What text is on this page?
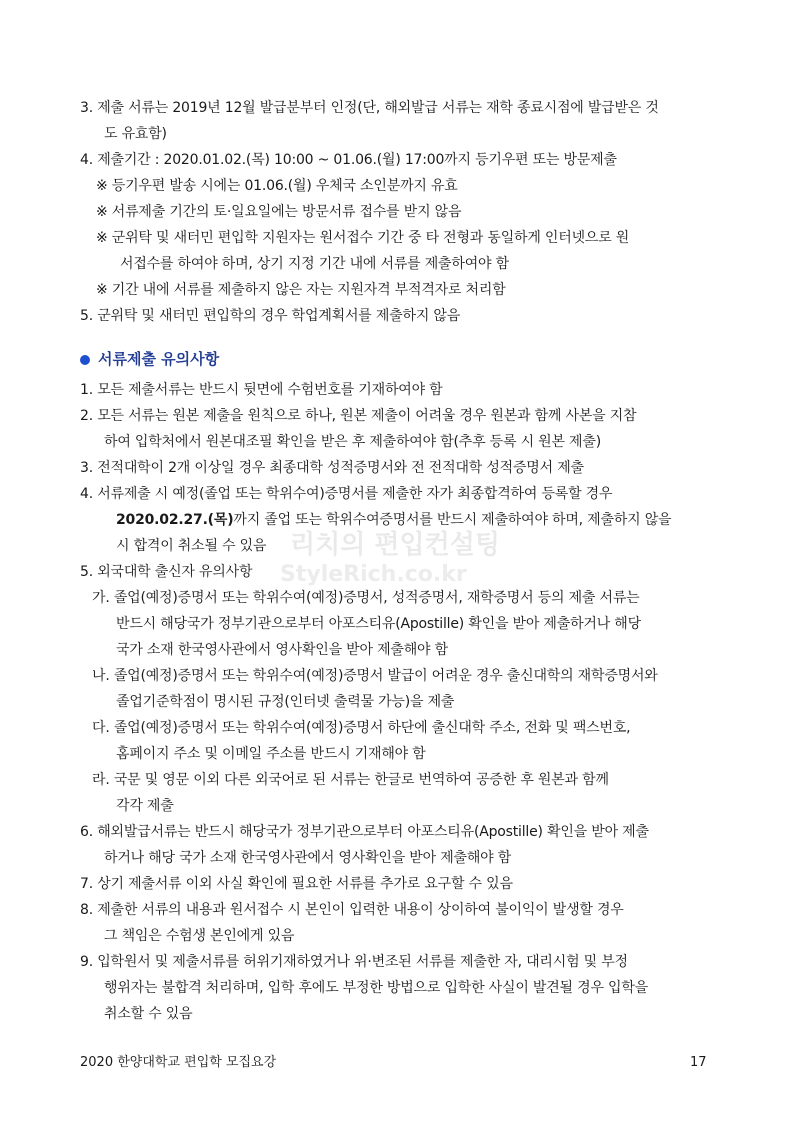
3. 제출 서류는 2019년 12월 발급분부터 인정(단, 해외발급 서류는 재학 종료시점에 발급받은 것
도 유효함)
4. 제출기간 : 2020.01.02.(목) 10:00 ~ 01.06.(월) 17:00까지 등기우편 또는 방문제출
※ 등기우편 발송 시에는 01.06.(월) 우체국 소인분까지 유효
※ 서류제출 기간의 토·일요일에는 방문서류 접수를 받지 않음
※ 군위탁 및 새터민 편입학 지원자는 원서접수 기간 중 타 전형과 동일하게 인터넷으로 원
서접수를 하여야 하며, 상기 지정 기간 내에 서류를 제출하여야 함
※ 기간 내에 서류를 제출하지 않은 자는 지원자격 부적격자로 처리함
5. 군위탁 및 새터민 편입학의 경우 학업계획서를 제출하지 않음
서류제출 유의사항
1. 모든 제출서류는 반드시 뒷면에 수험번호를 기재하여야 함
2. 모든 서류는 원본 제출을 원칙으로 하나, 원본 제출이 어려울 경우 원본과 함께 사본을 지참
하여 입학처에서 원본대조필 확인을 받은 후 제출하여야 함(추후 등록 시 원본 제출)
3. 전적대학이 2개 이상일 경우 최종대학 성적증명서와 전 전적대학 성적증명서 제출
4. 서류제출 시 예정(졸업 또는 학위수여)증명서를 제출한 자가 최종합격하여 등록할 경우
2020.02.27.(목)까지 졸업 또는 학위수여증명서를 반드시 제출하여야 하며, 제출하지 않을
시 합격이 취소될 수 있음
5. 외국대학 출신자 유의사항
가. 졸업(예정)증명서 또는 학위수여(예정)증명서, 성적증명서, 재학증명서 등의 제출 서류는
반드시 해당국가 정부기관으로부터 아포스티유(Apostille) 확인을 받아 제출하거나 해당
국가 소재 한국영사관에서 영사확인을 받아 제출해야 함
나. 졸업(예정)증명서 또는 학위수여(예정)증명서 발급이 어려운 경우 출신대학의 재학증명서와
졸업기준학점이 명시된 규정(인터넷 출력물 가능)을 제출
다. 졸업(예정)증명서 또는 학위수여(예정)증명서 하단에 출신대학 주소, 전화 및 팩스번호,
홈페이지 주소 및 이메일 주소를 반드시 기재해야 함
라. 국문 및 영문 이외 다른 외국어로 된 서류는 한글로 번역하여 공증한 후 원본과 함께
각각 제출
6. 해외발급서류는 반드시 해당국가 정부기관으로부터 아포스티유(Apostille) 확인을 받아 제출
하거나 해당 국가 소재 한국영사관에서 영사확인을 받아 제출해야 함
7. 상기 제출서류 이외 사실 확인에 필요한 서류를 추가로 요구할 수 있음
8. 제출한 서류의 내용과 원서접수 시 본인이 입력한 내용이 상이하여 불이익이 발생할 경우
그 책임은 수험생 본인에게 있음
9. 입학원서 및 제출서류를 허위기재하였거나 위·변조된 서류를 제출한 자, 대리시험 및 부정
행위자는 불합격 처리하며, 입학 후에도 부정한 방법으로 입학한 사실이 발견될 경우 입학을
취소할 수 있음
리치의 편입컨설팅
StyleRich.co.kr
2020 한양대학교 편입학 모집요강	17
